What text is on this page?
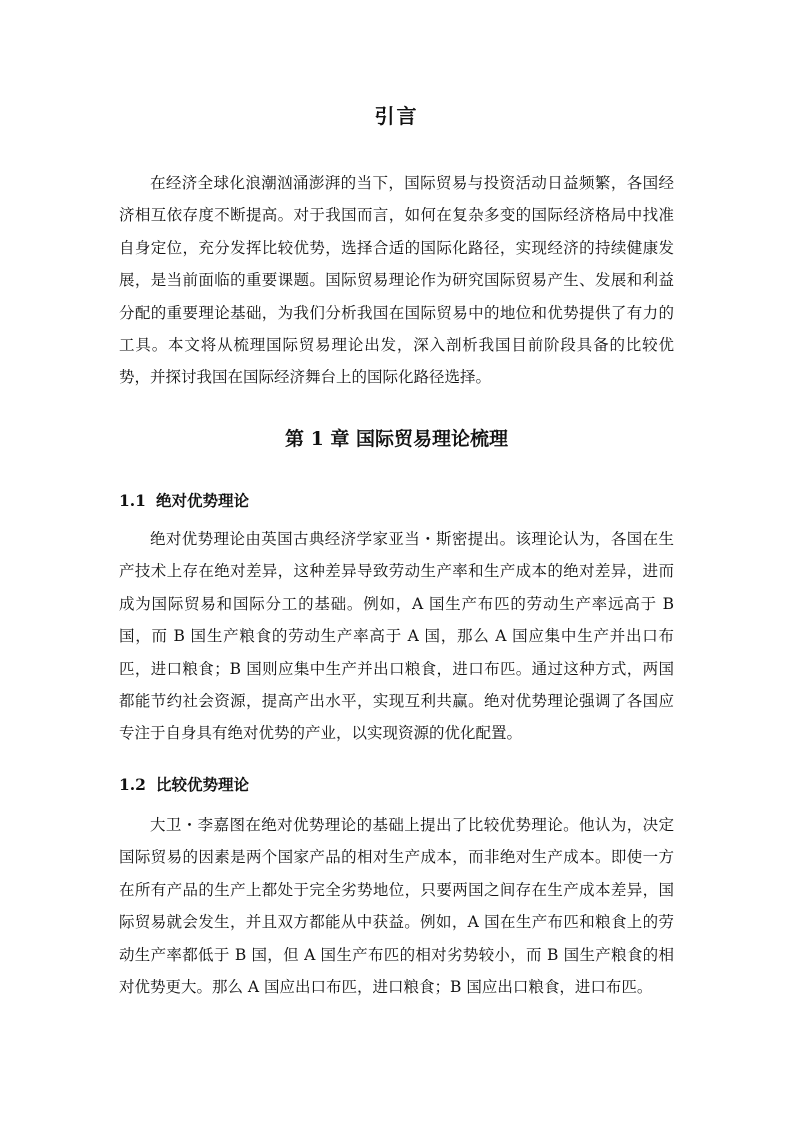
引言

在经济全球化浪潮汹涌澎湃的当下，国际贸易与投资活动日益频繁，各国经济相互依存度不断提高。对于我国而言，如何在复杂多变的国际经济格局中找准自身定位，充分发挥比较优势，选择合适的国际化路径，实现经济的持续健康发展，是当前面临的重要课题。国际贸易理论作为研究国际贸易产生、发展和利益分配的重要理论基础，为我们分析我国在国际贸易中的地位和优势提供了有力的工具。本文将从梳理国际贸易理论出发，深入剖析我国目前阶段具备的比较优势，并探讨我国在国际经济舞台上的国际化路径选择。

第 1 章 国际贸易理论梳理
1.1 绝对优势理论

绝对优势理论由英国古典经济学家亚当・斯密提出。该理论认为，各国在生产技术上存在绝对差异，这种差异导致劳动生产率和生产成本的绝对差异，进而成为国际贸易和国际分工的基础。例如，A 国生产布匹的劳动生产率远高于 B 国，而 B 国生产粮食的劳动生产率高于 A 国，那么 A 国应集中生产并出口布匹，进口粮食；B 国则应集中生产并出口粮食，进口布匹。通过这种方式，两国都能节约社会资源，提高产出水平，实现互利共赢。绝对优势理论强调了各国应专注于自身具有绝对优势的产业，以实现资源的优化配置。

1.2 比较优势理论

大卫・李嘉图在绝对优势理论的基础上提出了比较优势理论。他认为，决定国际贸易的因素是两个国家产品的相对生产成本，而非绝对生产成本。即使一方在所有产品的生产上都处于完全劣势地位，只要两国之间存在生产成本差异，国际贸易就会发生，并且双方都能从中获益。例如，A 国在生产布匹和粮食上的劳动生产率都低于 B 国，但 A 国生产布匹的相对劣势较小，而 B 国生产粮食的相对优势更大。那么 A 国应出口布匹，进口粮食；B 国应出口粮食，进口布匹。
